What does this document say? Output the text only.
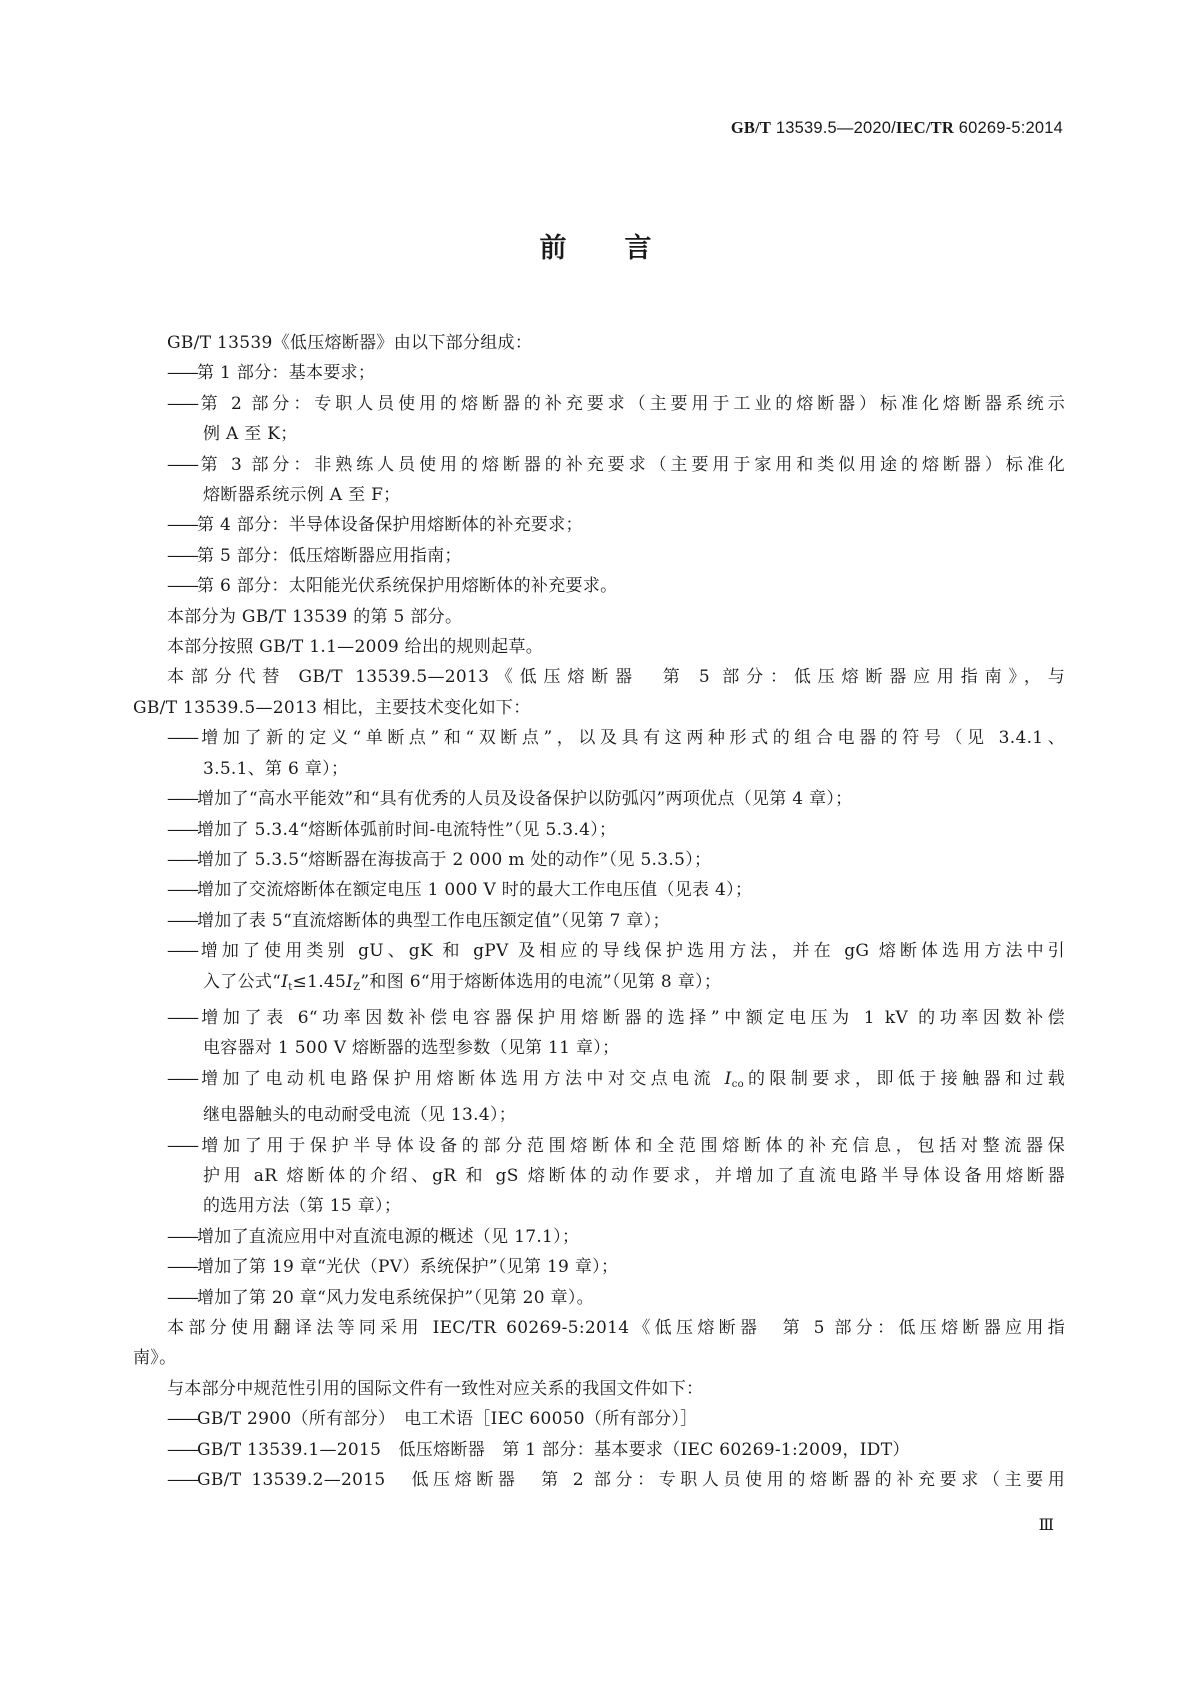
GB/T 13539.5—2020/IEC/TR 60269-5:2014
前言
GB/T 13539《低压熔断器》由以下部分组成：
——第 1 部分：基本要求；
——第 2 部分：专职人员使用的熔断器的补充要求（主要用于工业的熔断器）标准化熔断器系统示
例 A 至 K；
——第 3 部分：非熟练人员使用的熔断器的补充要求（主要用于家用和类似用途的熔断器）标准化
熔断器系统示例 A 至 F；
——第 4 部分：半导体设备保护用熔断体的补充要求；
——第 5 部分：低压熔断器应用指南；
——第 6 部分：太阳能光伏系统保护用熔断体的补充要求。
本部分为 GB/T 13539 的第 5 部分。
本部分按照 GB/T 1.1—2009 给出的规则起草。
本部分代替 GB/T 13539.5—2013《低压熔断器　第 5 部分：低压熔断器应用指南》，与
GB/T 13539.5—2013 相比，主要技术变化如下：
——增加了新的定义“单断点”和“双断点”，以及具有这两种形式的组合电器的符号（见 3.4.1、
3.5.1、第 6 章）；
——增加了“高水平能效”和“具有优秀的人员及设备保护以防弧闪”两项优点（见第 4 章）；
——增加了 5.3.4“熔断体弧前时间-电流特性”（见 5.3.4）；
——增加了 5.3.5“熔断器在海拔高于 2 000 m 处的动作”（见 5.3.5）；
——增加了交流熔断体在额定电压 1 000 V 时的最大工作电压值（见表 4）；
——增加了表 5“直流熔断体的典型工作电压额定值”（见第 7 章）；
——增加了使用类别 gU、gK 和 gPV 及相应的导线保护选用方法，并在 gG 熔断体选用方法中引
入了公式“$I_t\le 1.45I_Z$”和图 6“用于熔断体选用的电流”（见第 8 章）；
——增加了表 6“功率因数补偿电容器保护用熔断器的选择”中额定电压为 1 kV 的功率因数补偿
电容器对 1 500 V 熔断器的选型参数（见第 11 章）；
——增加了电动机电路保护用熔断体选用方法中对交点电流 $I_{co}$的限制要求，即低于接触器和过载
继电器触头的电动耐受电流（见 13.4）；
——增加了用于保护半导体设备的部分范围熔断体和全范围熔断体的补充信息，包括对整流器保
护用 aR 熔断体的介绍、gR 和 gS 熔断体的动作要求，并增加了直流电路半导体设备用熔断器
的选用方法（第 15 章）；
——增加了直流应用中对直流电源的概述（见 17.1）；
——增加了第 19 章“光伏（PV）系统保护”（见第 19 章）；
——增加了第 20 章“风力发电系统保护”（见第 20 章）。
本部分使用翻译法等同采用 IEC/TR 60269-5:2014《低压熔断器　第 5 部分：低压熔断器应用指
南》。
与本部分中规范性引用的国际文件有一致性对应关系的我国文件如下：
——GB/T 2900（所有部分）　电工术语［IEC 60050（所有部分）］
——GB/T 13539.1—2015　低压熔断器　第 1 部分：基本要求（IEC 60269-1:2009，IDT）
——GB/T 13539.2—2015　低压熔断器　第 2 部分：专职人员使用的熔断器的补充要求（主要用
Ⅲ
